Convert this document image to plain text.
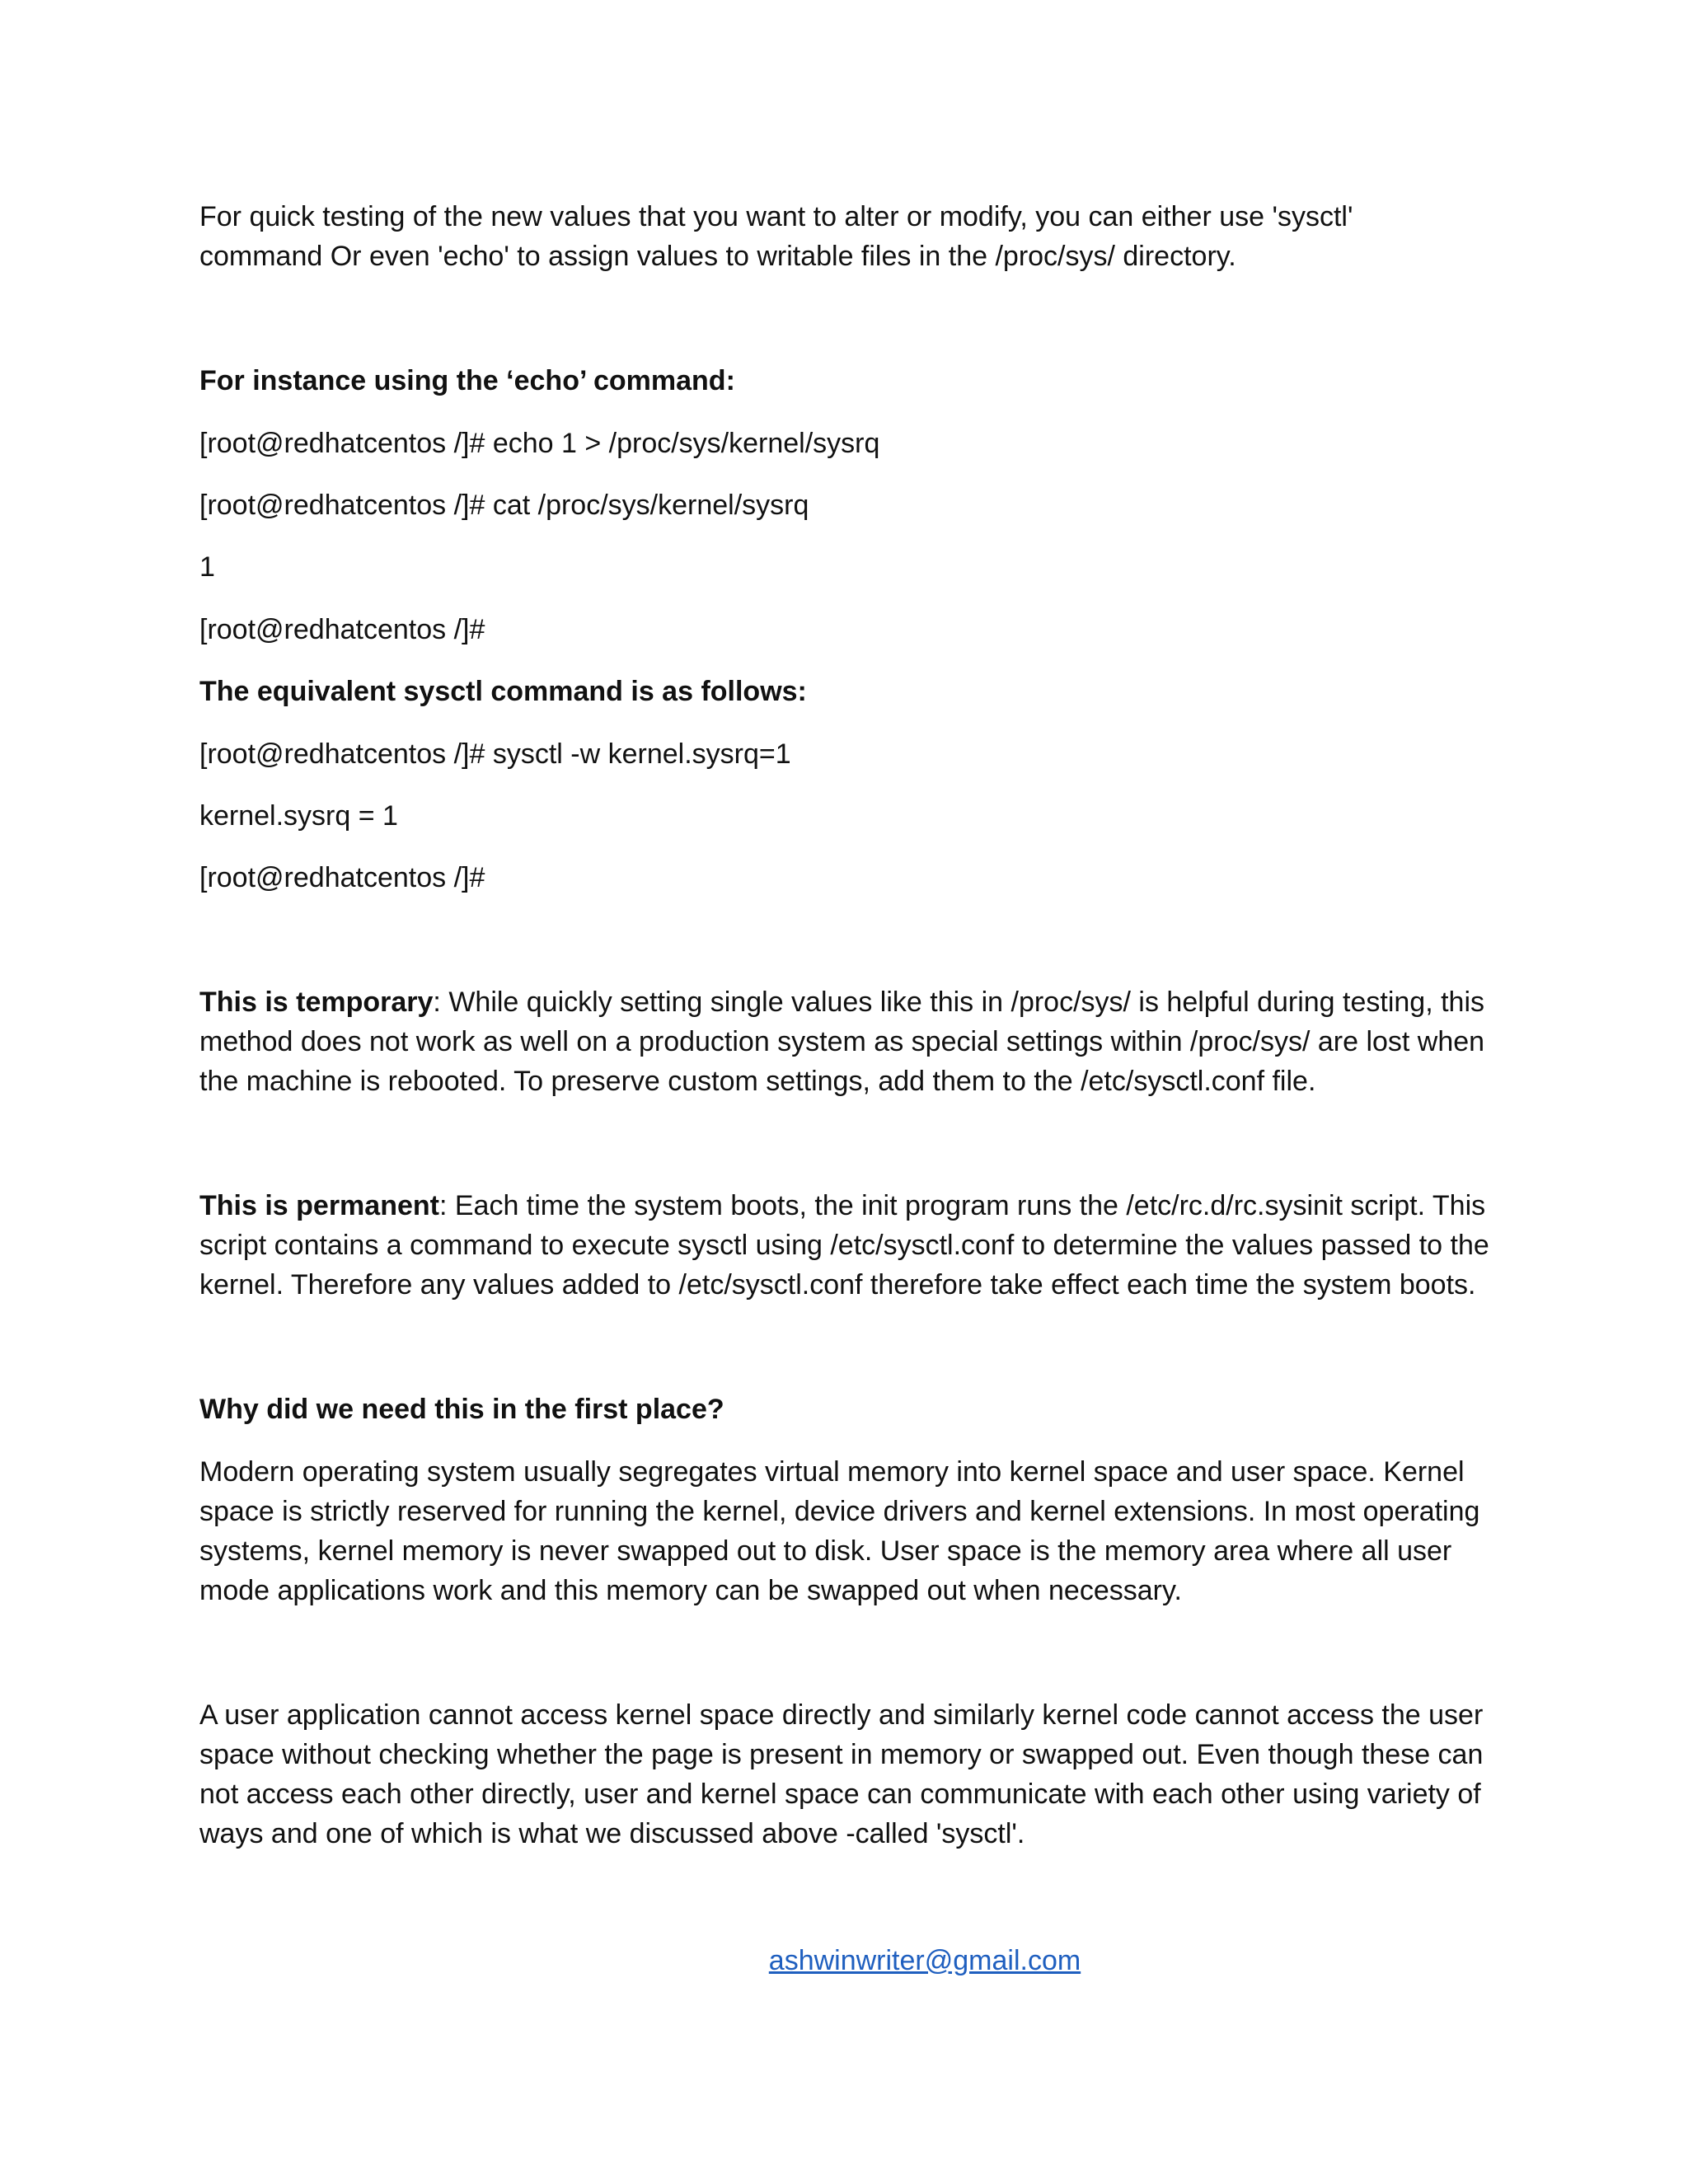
For quick testing of the new values that you want to alter or modify, you can either use 'sysctl'
command Or even 'echo' to assign values to writable files in the /proc/sys/ directory.
For instance using the ‘echo’ command:
[root@redhatcentos /]# echo 1 > /proc/sys/kernel/sysrq
[root@redhatcentos /]# cat /proc/sys/kernel/sysrq
1
[root@redhatcentos /]#
The equivalent sysctl command is as follows:
[root@redhatcentos /]# sysctl -w kernel.sysrq=1
kernel.sysrq = 1
[root@redhatcentos /]#
This is temporary: While quickly setting single values like this in /proc/sys/ is helpful during testing, this
method does not work as well on a production system as special settings within /proc/sys/ are lost when
the machine is rebooted. To preserve custom settings, add them to the /etc/sysctl.conf file.
This is permanent: Each time the system boots, the init program runs the /etc/rc.d/rc.sysinit script. This
script contains a command to execute sysctl using /etc/sysctl.conf to determine the values passed to the
kernel. Therefore any values added to /etc/sysctl.conf therefore take effect each time the system boots.
Why did we need this in the first place?
Modern operating system usually segregates virtual memory into kernel space and user space. Kernel
space is strictly reserved for running the kernel, device drivers and kernel extensions. In most operating
systems, kernel memory is never swapped out to disk. User space is the memory area where all user
mode applications work and this memory can be swapped out when necessary.
A user application cannot access kernel space directly and similarly kernel code cannot access the user
space without checking whether the page is present in memory or swapped out. Even though these can
not access each other directly, user and kernel space can communicate with each other using variety of
ways and one of which is what we discussed above -called 'sysctl'.
ashwinwriter@gmail.com
